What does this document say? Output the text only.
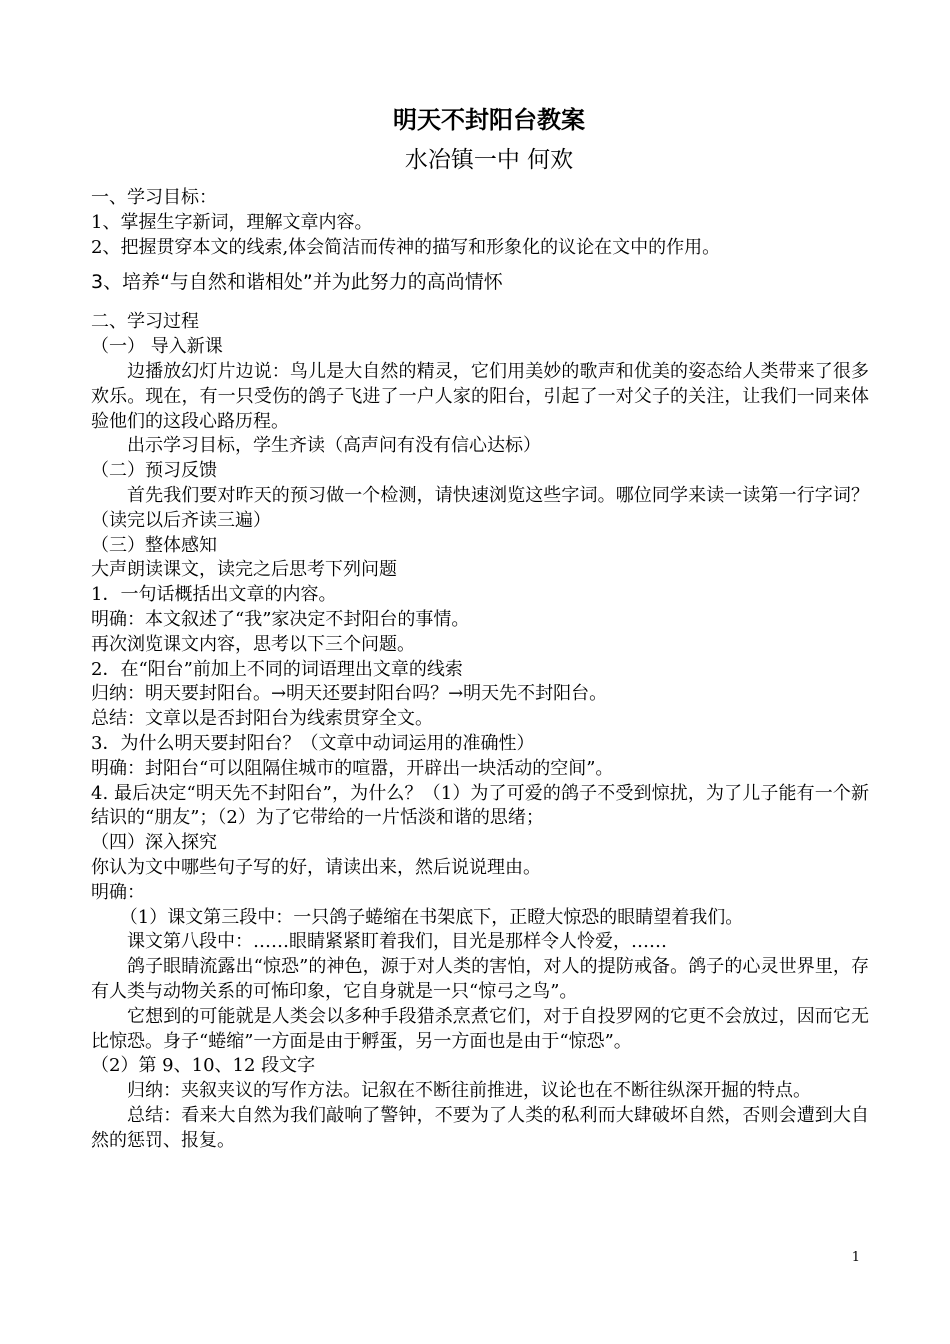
明天不封阳台教案
水冶镇一中 何欢

一、学习目标：

1、掌握生字新词，理解文章内容。

2、把握贯穿本文的线索,体会简洁而传神的描写和形象化的议论在文中的作用。

3、培养“与自然和谐相处”并为此努力的高尚情怀

二、学习过程

（一） 导入新课

边播放幻灯片边说：鸟儿是大自然的精灵，它们用美妙的歌声和优美的姿态给人类带来了很多欢乐。现在，有一只受伤的鸽子飞进了一户人家的阳台，引起了一对父子的关注，让我们一同来体验他们的这段心路历程。

出示学习目标，学生齐读（高声问有没有信心达标）

（二）预习反馈

首先我们要对昨天的预习做一个检测，请快速浏览这些字词。哪位同学来读一读第一行字词？（读完以后齐读三遍）

（三）整体感知

大声朗读课文，读完之后思考下列问题

1．一句话概括出文章的内容。

明确：本文叙述了“我”家决定不封阳台的事情。

再次浏览课文内容，思考以下三个问题。

2．在“阳台”前加上不同的词语理出文章的线索

归纳：明天要封阳台。→明天还要封阳台吗？→明天先不封阳台。

总结：文章以是否封阳台为线索贯穿全文。

3．为什么明天要封阳台？（文章中动词运用的准确性）

明确：封阳台“可以阻隔住城市的喧嚣，开辟出一块活动的空间”。

4. 最后决定“明天先不封阳台”，为什么？（1）为了可爱的鸽子不受到惊扰，为了儿子能有一个新结识的“朋友”；（2）为了它带给的一片恬淡和谐的思绪；

（四）深入探究

你认为文中哪些句子写的好，请读出来，然后说说理由。

明确：

（1）课文第三段中：一只鸽子蜷缩在书架底下，正瞪大惊恐的眼睛望着我们。

课文第八段中：……眼睛紧紧盯着我们，目光是那样令人怜爱，……

鸽子眼睛流露出“惊恐”的神色，源于对人类的害怕，对人的提防戒备。鸽子的心灵世界里，存有人类与动物关系的可怖印象，它自身就是一只“惊弓之鸟”。

它想到的可能就是人类会以多种手段猎杀烹煮它们，对于自投罗网的它更不会放过，因而它无比惊恐。身子“蜷缩”一方面是由于孵蛋，另一方面也是由于“惊恐”。

（2）第 9、10、12 段文字

归纳：夹叙夹议的写作方法。记叙在不断往前推进，议论也在不断往纵深开掘的特点。

总结：看来大自然为我们敲响了警钟，不要为了人类的私利而大肆破坏自然，否则会遭到大自然的惩罚、报复。

1
